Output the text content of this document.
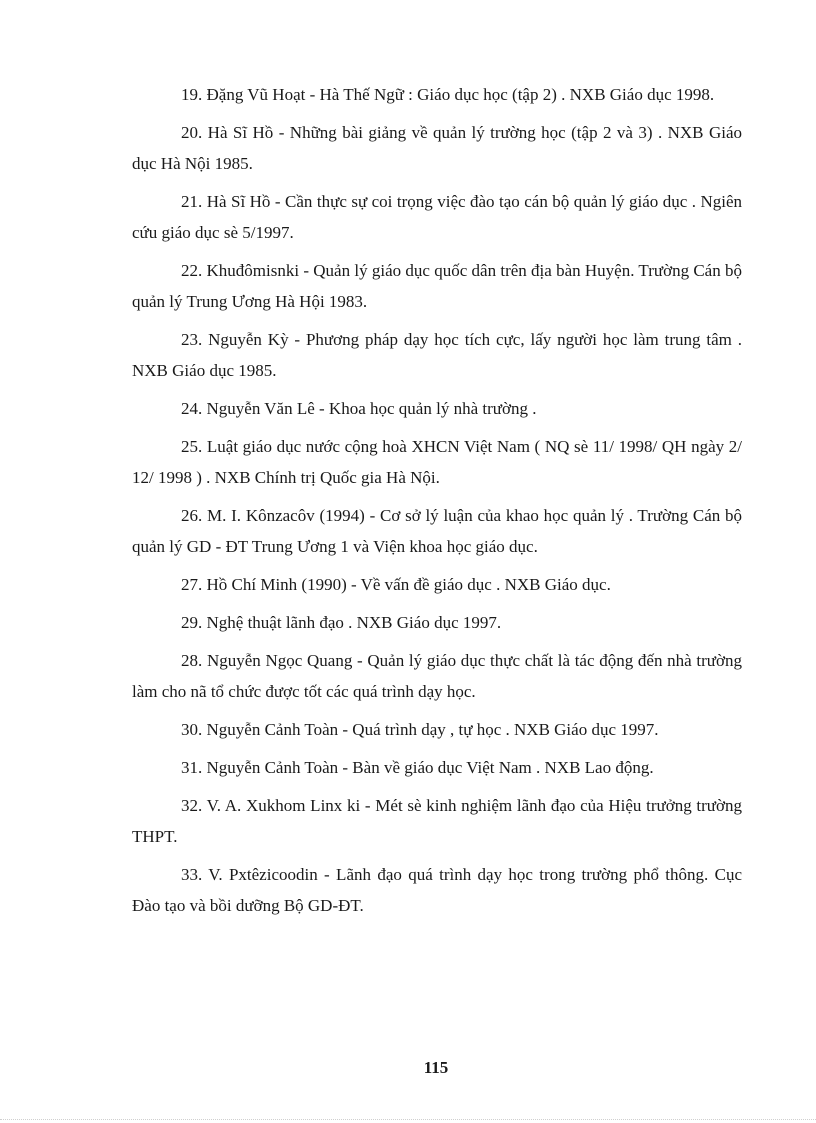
19. Đặng Vũ Hoạt - Hà Thế Ngữ : Giáo dục học (tập 2) . NXB Giáo dục 1998.

20. Hà Sĩ Hồ - Những bài giảng về quản lý trường học (tập 2 và 3) . NXB Giáo dục Hà Nội 1985.

21. Hà Sĩ Hồ - Cần thực sự coi trọng việc đào tạo cán bộ quản lý giáo dục . Ngiên cứu giáo dục sè 5/1997.

22. Khuđômisnki - Quản lý giáo dục quốc dân trên địa bàn Huyện. Trường Cán bộ quản lý Trung Ương Hà Hội 1983.

23. Nguyễn Kỳ - Phương pháp dạy học tích cực, lấy người học làm trung tâm . NXB Giáo dục 1985.

24. Nguyễn Văn Lê - Khoa học quản lý nhà trường .

25. Luật giáo dục nước cộng hoà XHCN Việt Nam ( NQ sè 11/ 1998/ QH ngày 2/ 12/ 1998 ) . NXB Chính trị Quốc gia Hà Nội.

26. M. I. Kônzacôv (1994) - Cơ sở lý luận của khao học quản lý . Trường Cán bộ quản lý GD - ĐT Trung Ương 1 và Viện khoa học giáo dục.

27. Hồ Chí Minh (1990) - Về vấn đề giáo dục . NXB Giáo dục.

29. Nghệ thuật lãnh đạo . NXB Giáo dục 1997.

28. Nguyễn Ngọc Quang - Quản lý giáo dục thực chất là tác động đến nhà trường làm cho nã tổ chức được tốt các quá trình dạy học.

30. Nguyễn Cảnh Toàn - Quá trình dạy , tự học . NXB Giáo dục 1997.

31. Nguyễn Cảnh Toàn - Bàn về giáo dục Việt Nam . NXB Lao động.

32. V. A. Xukhom Linx ki - Mét sè kinh nghiệm lãnh đạo của Hiệu trưởng trường THPT.

33. V. Pxtêzicoodin - Lãnh đạo quá trình dạy học trong trường phổ thông. Cục Đào tạo và bồi dưỡng Bộ GD-ĐT.

115
